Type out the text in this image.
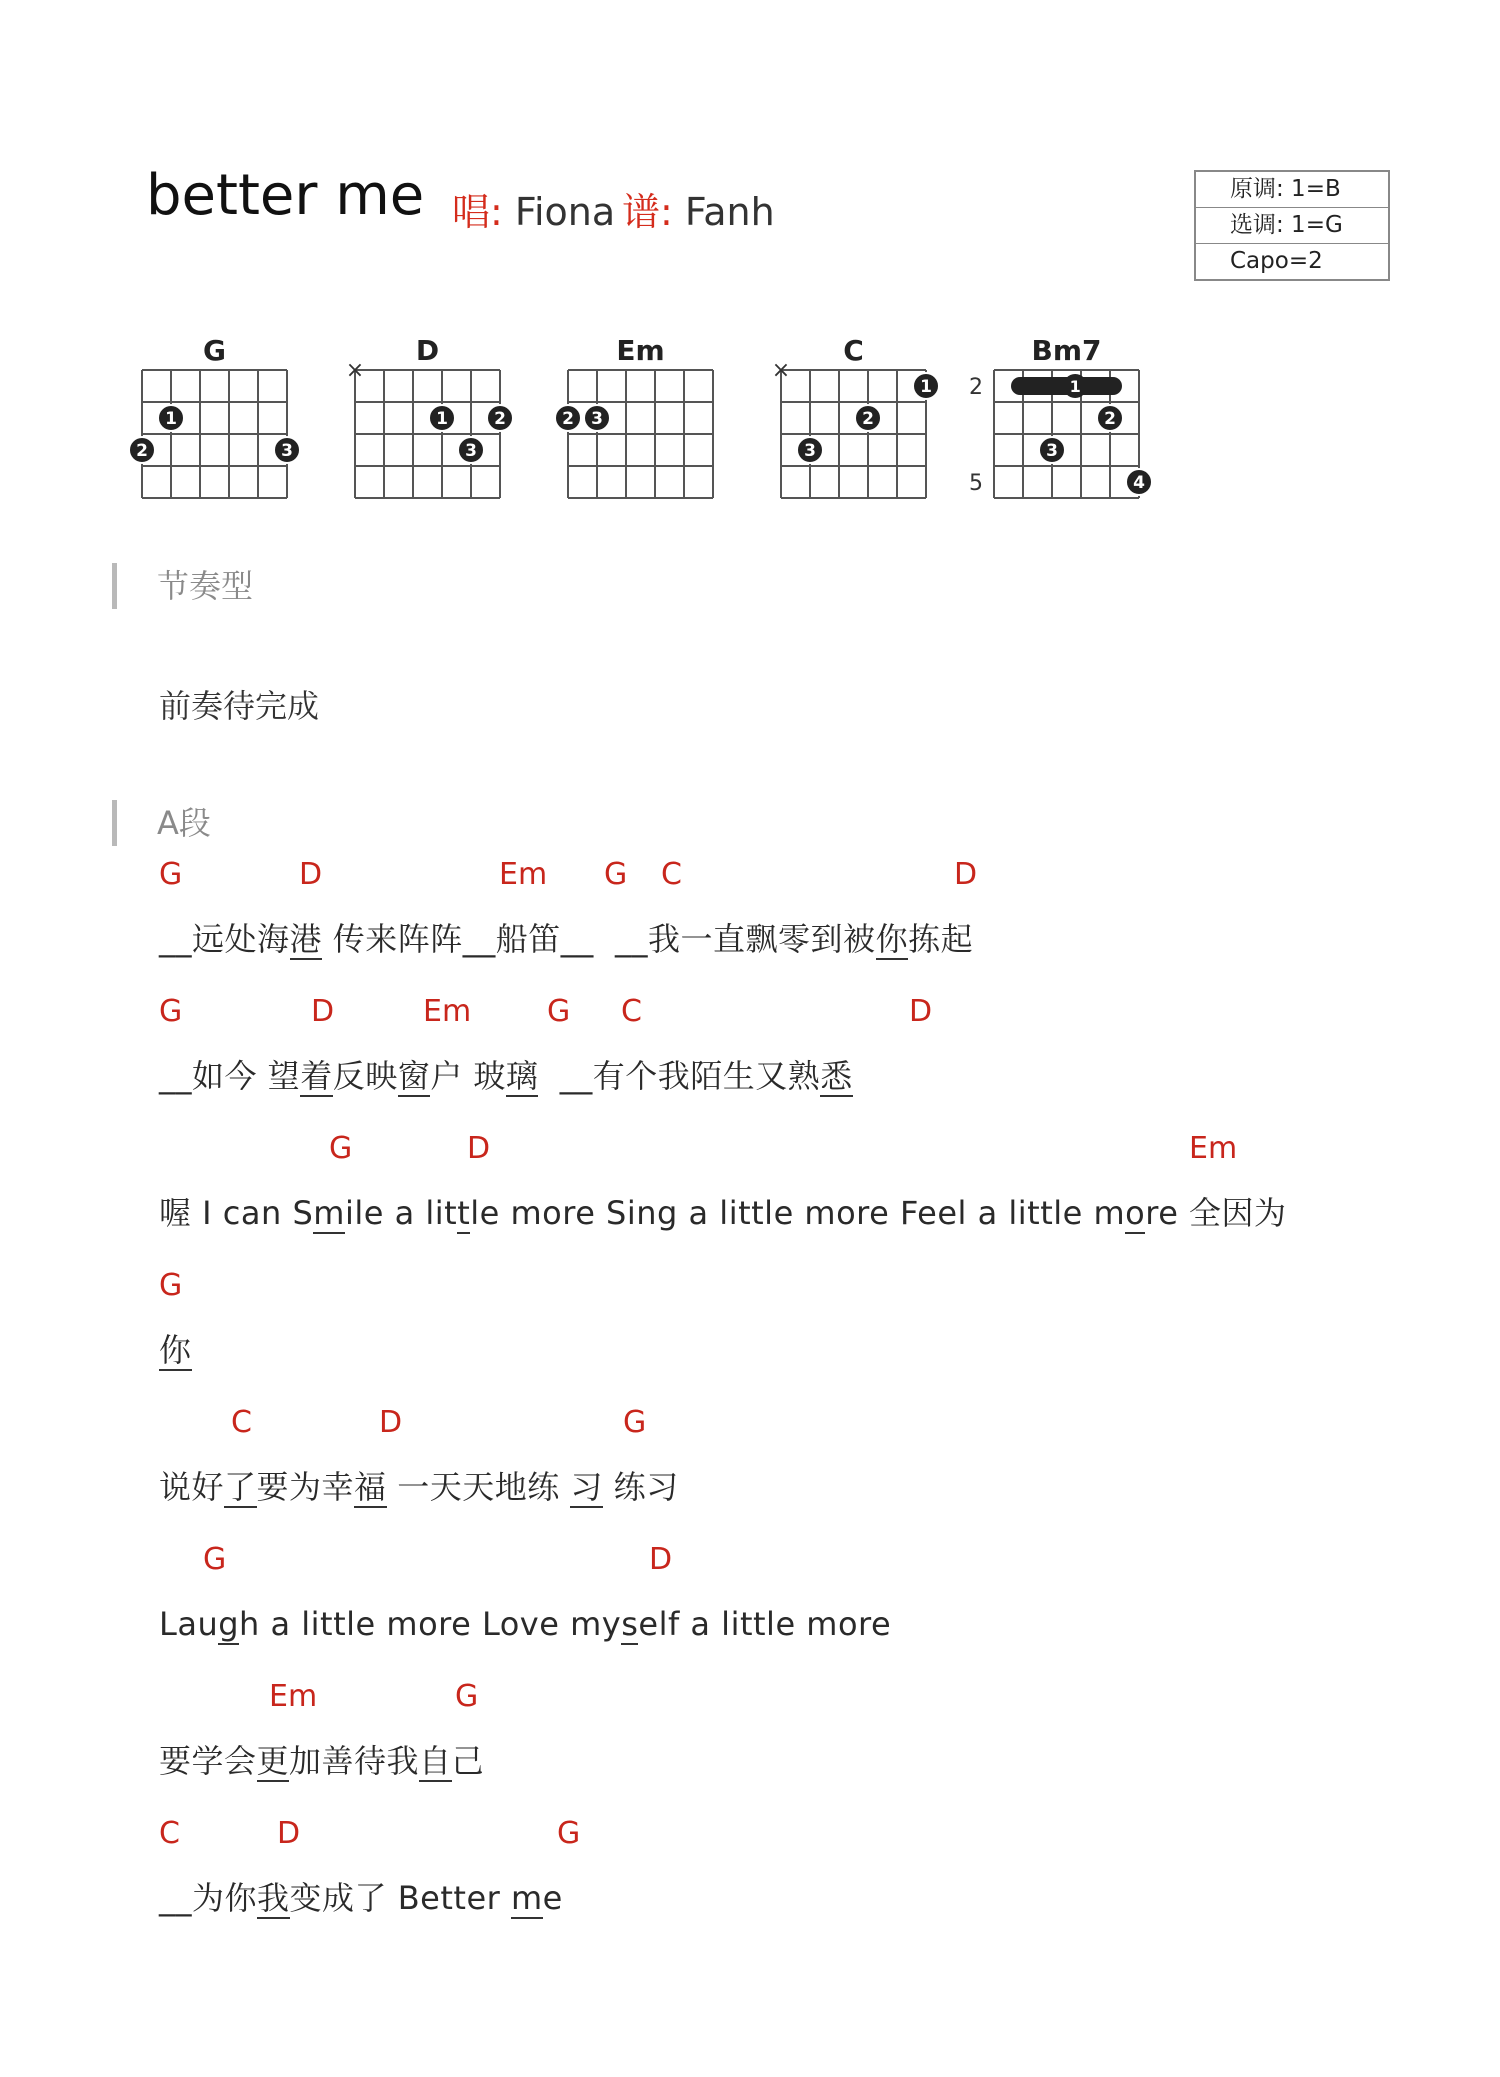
better me 唱: Fiona 谱: Fanh
原调: 1=B
选调: 1=G
Capo=2
G
1
2	3
D
×
1	2
3
Em
2 3
C
×
1
2
3
Bm7
2
5
1
2
3
4
节奏型
前奏待完成
A段
G	D	Em G C	D
__远处海港 传来阵阵__船笛__  __我一直飘零到被你拣起
G	D	Em	G C	D
__如今 望着反映窗户 玻璃  __有个我陌生又熟悉
G	D	Em
喔 I can Smile a little more Sing a little more Feel a little more 全因为
G
你
C	D	G
说好了要为幸福 一天天地练 习 练习
G	D
Laugh a little more Love myself a little more
Em	G
要学会更加善待我自己
C	D	G
__为你我变成了 Better me
